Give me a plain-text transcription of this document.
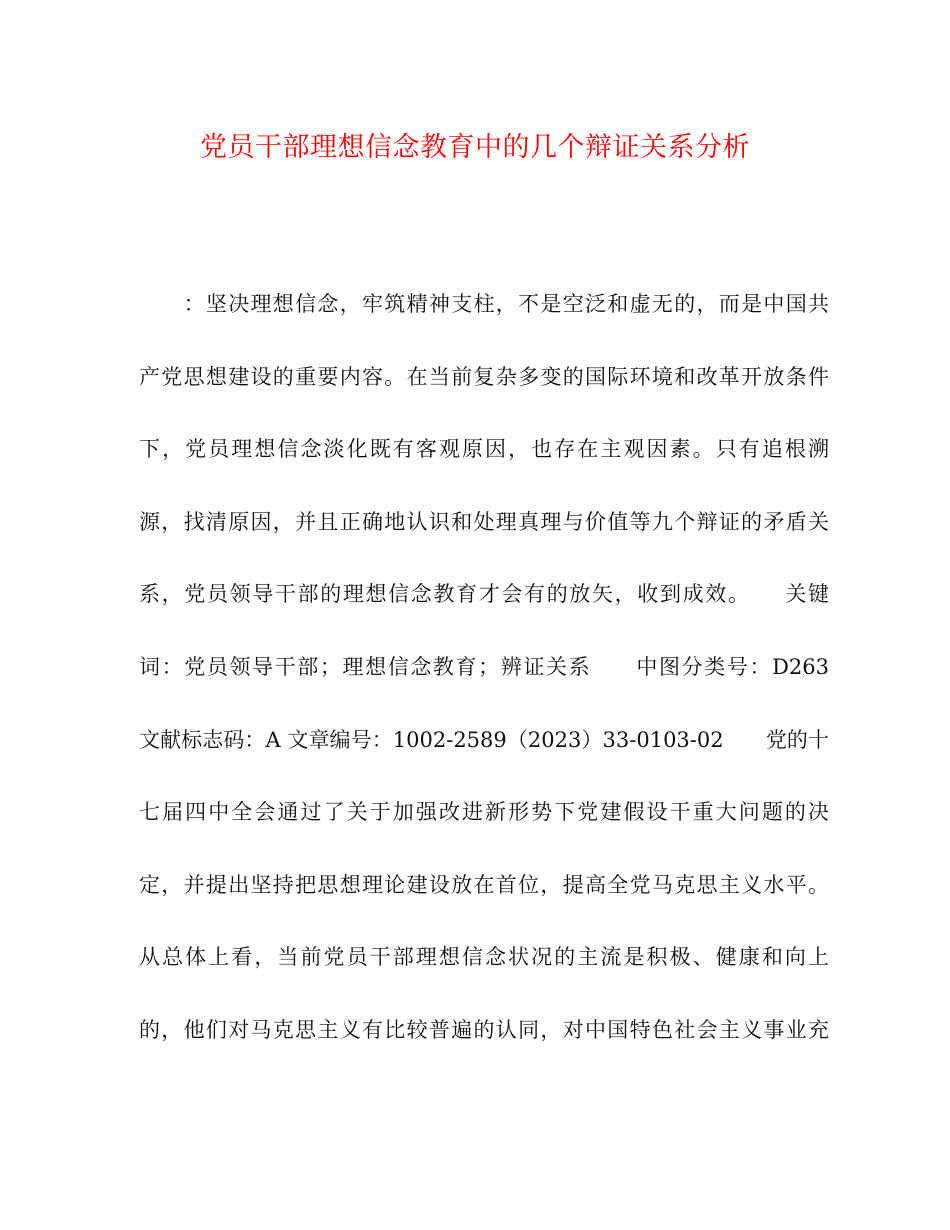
党员干部理想信念教育中的几个辩证关系分析
　　：坚决理想信念，牢筑精神支柱，不是空泛和虚无的，而是中国共
产党思想建设的重要内容。在当前复杂多变的国际环境和改革开放条件
下，党员理想信念淡化既有客观原因，也存在主观因素。只有追根溯
源，找清原因，并且正确地认识和处理真理与价值等九个辩证的矛盾关
系，党员领导干部的理想信念教育才会有的放矢，收到成效。　　关键
词：党员领导干部；理想信念教育；辨证关系　　中图分类号：D263
文献标志码：A 文章编号：1002-2589（2023）33-0103-02　　党的十
七届四中全会通过了关于加强改进新形势下党建假设干重大问题的决
定，并提出坚持把思想理论建设放在首位，提高全党马克思主义水平。
从总体上看，当前党员干部理想信念状况的主流是积极、健康和向上
的，他们对马克思主义有比较普遍的认同，对中国特色社会主义事业充
